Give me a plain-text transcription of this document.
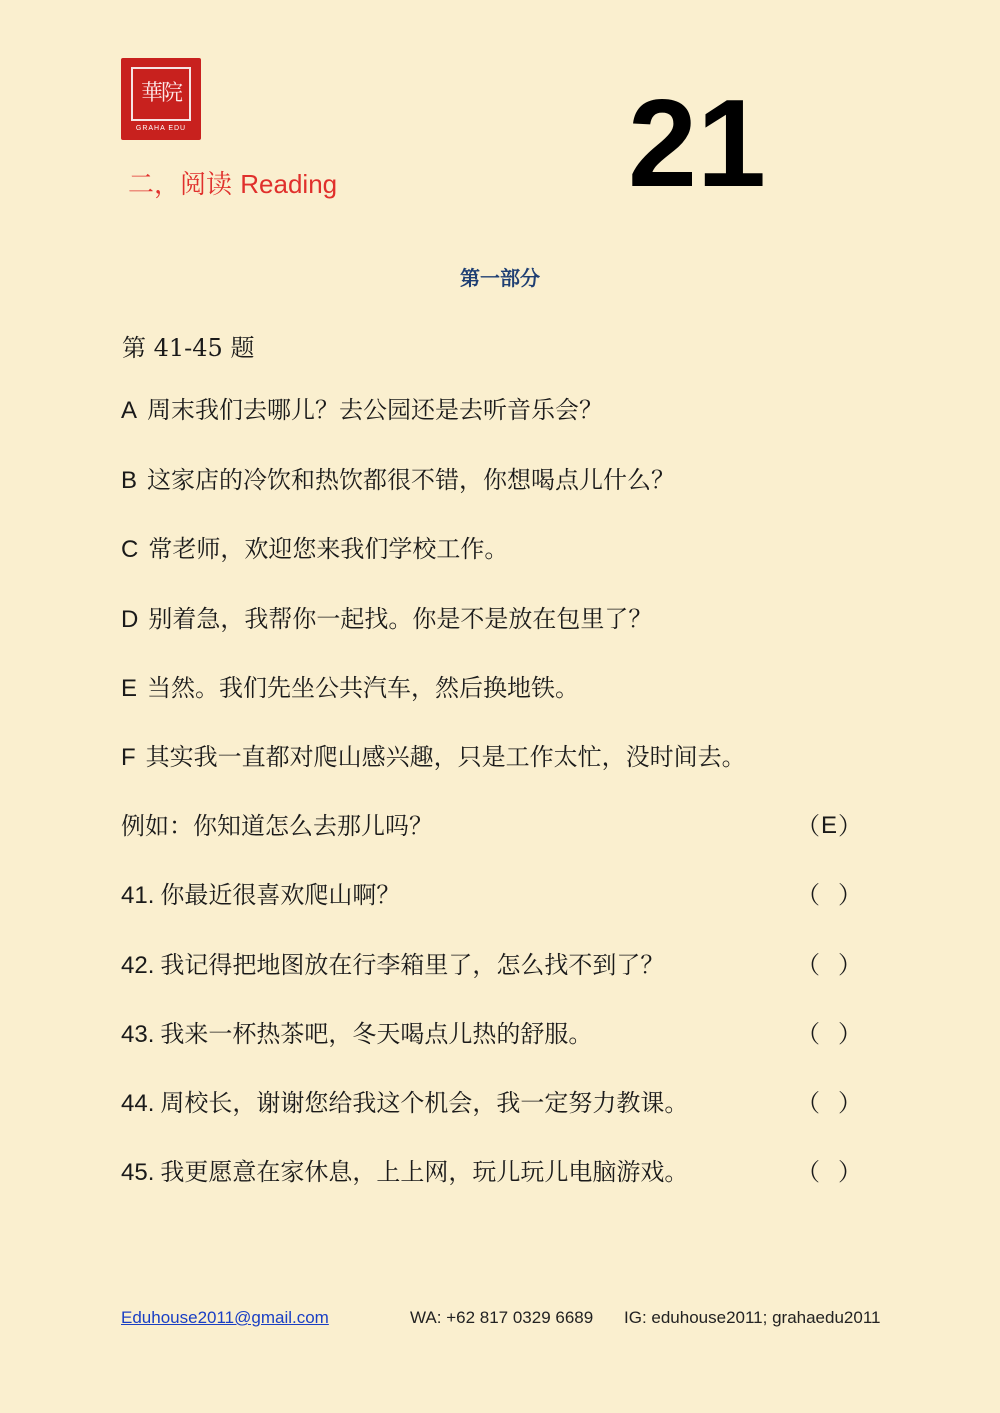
華院
GRAHA EDU
二，阅读 Reading 21
第一部分
第 41-45 题
A 周末我们去哪儿？去公园还是去听音乐会？
B 这家店的冷饮和热饮都很不错，你想喝点儿什么？
C 常老师，欢迎您来我们学校工作。
D 别着急，我帮你一起找。你是不是放在包里了？
E 当然。我们先坐公共汽车，然后换地铁。
F 其实我一直都对爬山感兴趣，只是工作太忙，没时间去。
例如：你知道怎么去那儿吗？	（ E ）
41. 你最近很喜欢爬山啊？	（ ）
42. 我记得把地图放在行李箱里了，怎么找不到了？	（ ）
43. 我来一杯热茶吧，冬天喝点儿热的舒服。	（ ）
44. 周校长，谢谢您给我这个机会，我一定努力教课。	（ ）
45. 我更愿意在家休息，上上网，玩儿玩儿电脑游戏。	（ ）
Eduhouse2011@gmail.com	WA: +62 817 0329 6689 IG: eduhouse2011; grahaedu2011
